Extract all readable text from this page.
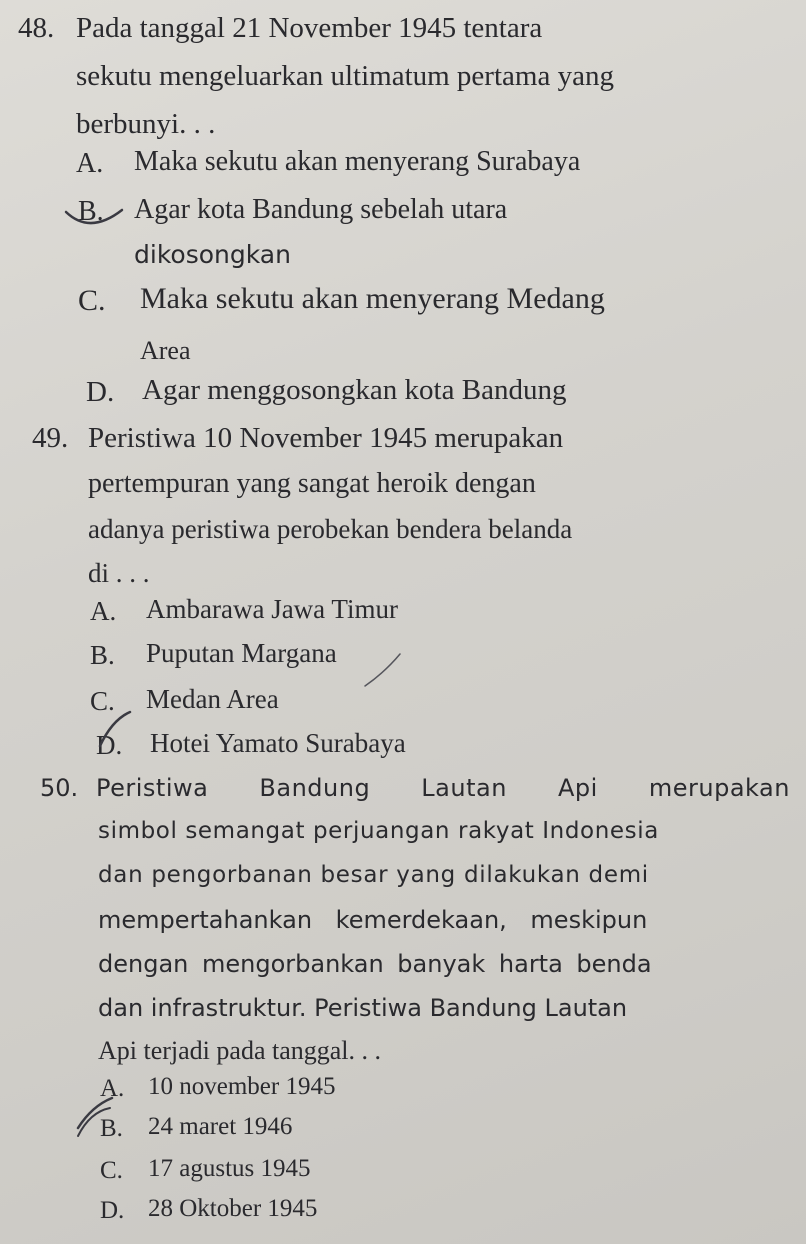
48. Pada tanggal 21 November 1945 tentara
sekutu mengeluarkan ultimatum pertama yang
berbunyi. . .
A. Maka sekutu akan menyerang Surabaya
B. Agar kota Bandung sebelah utara
dikosongkan
C. Maka sekutu akan menyerang Medang
Area
D. Agar menggosongkan kota Bandung
49. Peristiwa 10 November 1945 merupakan
pertempuran yang sangat heroik dengan
adanya peristiwa perobekan bendera belanda
di . . .
A. Ambarawa Jawa Timur
B. Puputan Margana
C. Medan Area
D. Hotei Yamato Surabaya
50. Peristiwa Bandung Lautan Api merupakan
simbol semangat perjuangan rakyat Indonesia
dan pengorbanan besar yang dilakukan demi
mempertahankan kemerdekaan, meskipun
dengan mengorbankan banyak harta benda
dan infrastruktur. Peristiwa Bandung Lautan
Api terjadi pada tanggal. . .
A. 10 november 1945
B. 24 maret 1946
C. 17 agustus 1945
D. 28 Oktober 1945
